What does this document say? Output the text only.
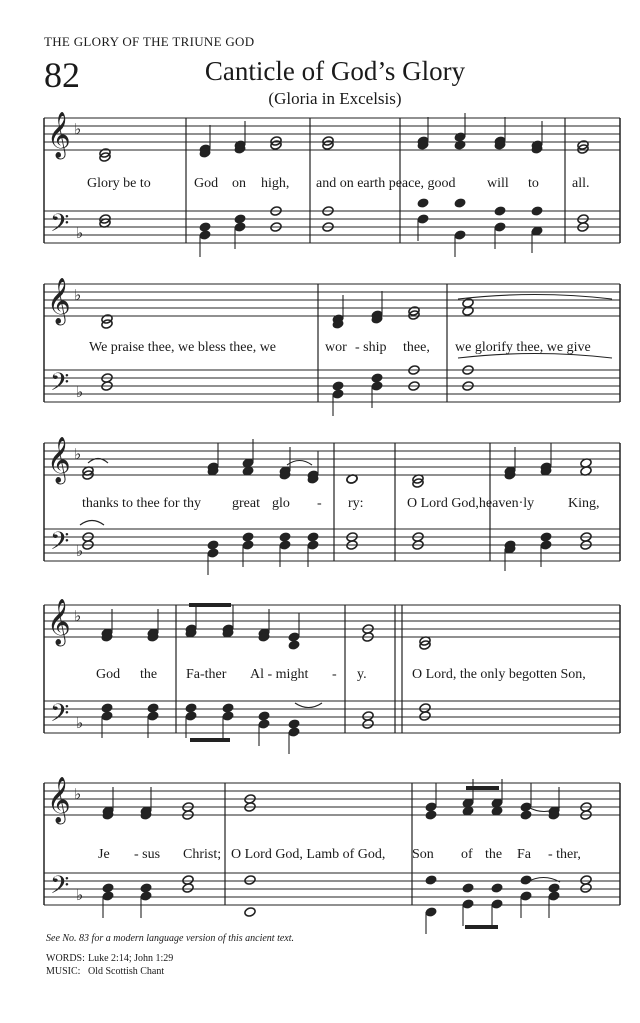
THE GLORY OF THE TRIUNE GOD
82	Canticle of God’s Glory
(Gloria in Excelsis)
𝄞
𝄢
♭
♭
𝄞
𝄢
♭
♭
𝄞
𝄢
♭
♭
𝄞
𝄢
♭
♭
𝄞
𝄢
♭
♭
Glory be to	God on high, and on earth peace, good will to all.
We praise thee, we bless thee, we	wor - ship thee, we glorify thee, we give
thanks to thee for thy great glo - ry:	O Lord God,heaven·ly King,
God the Fa-ther Al - might - y.	O Lord, the only begotten Son,
Je - sus Christ; O Lord God, Lamb of God, Son of the Fa - ther,
See No. 83 for a modern language version of this ancient text.
WORDS: Luke 2:14; John 1:29
MUSIC: Old Scottish Chant
